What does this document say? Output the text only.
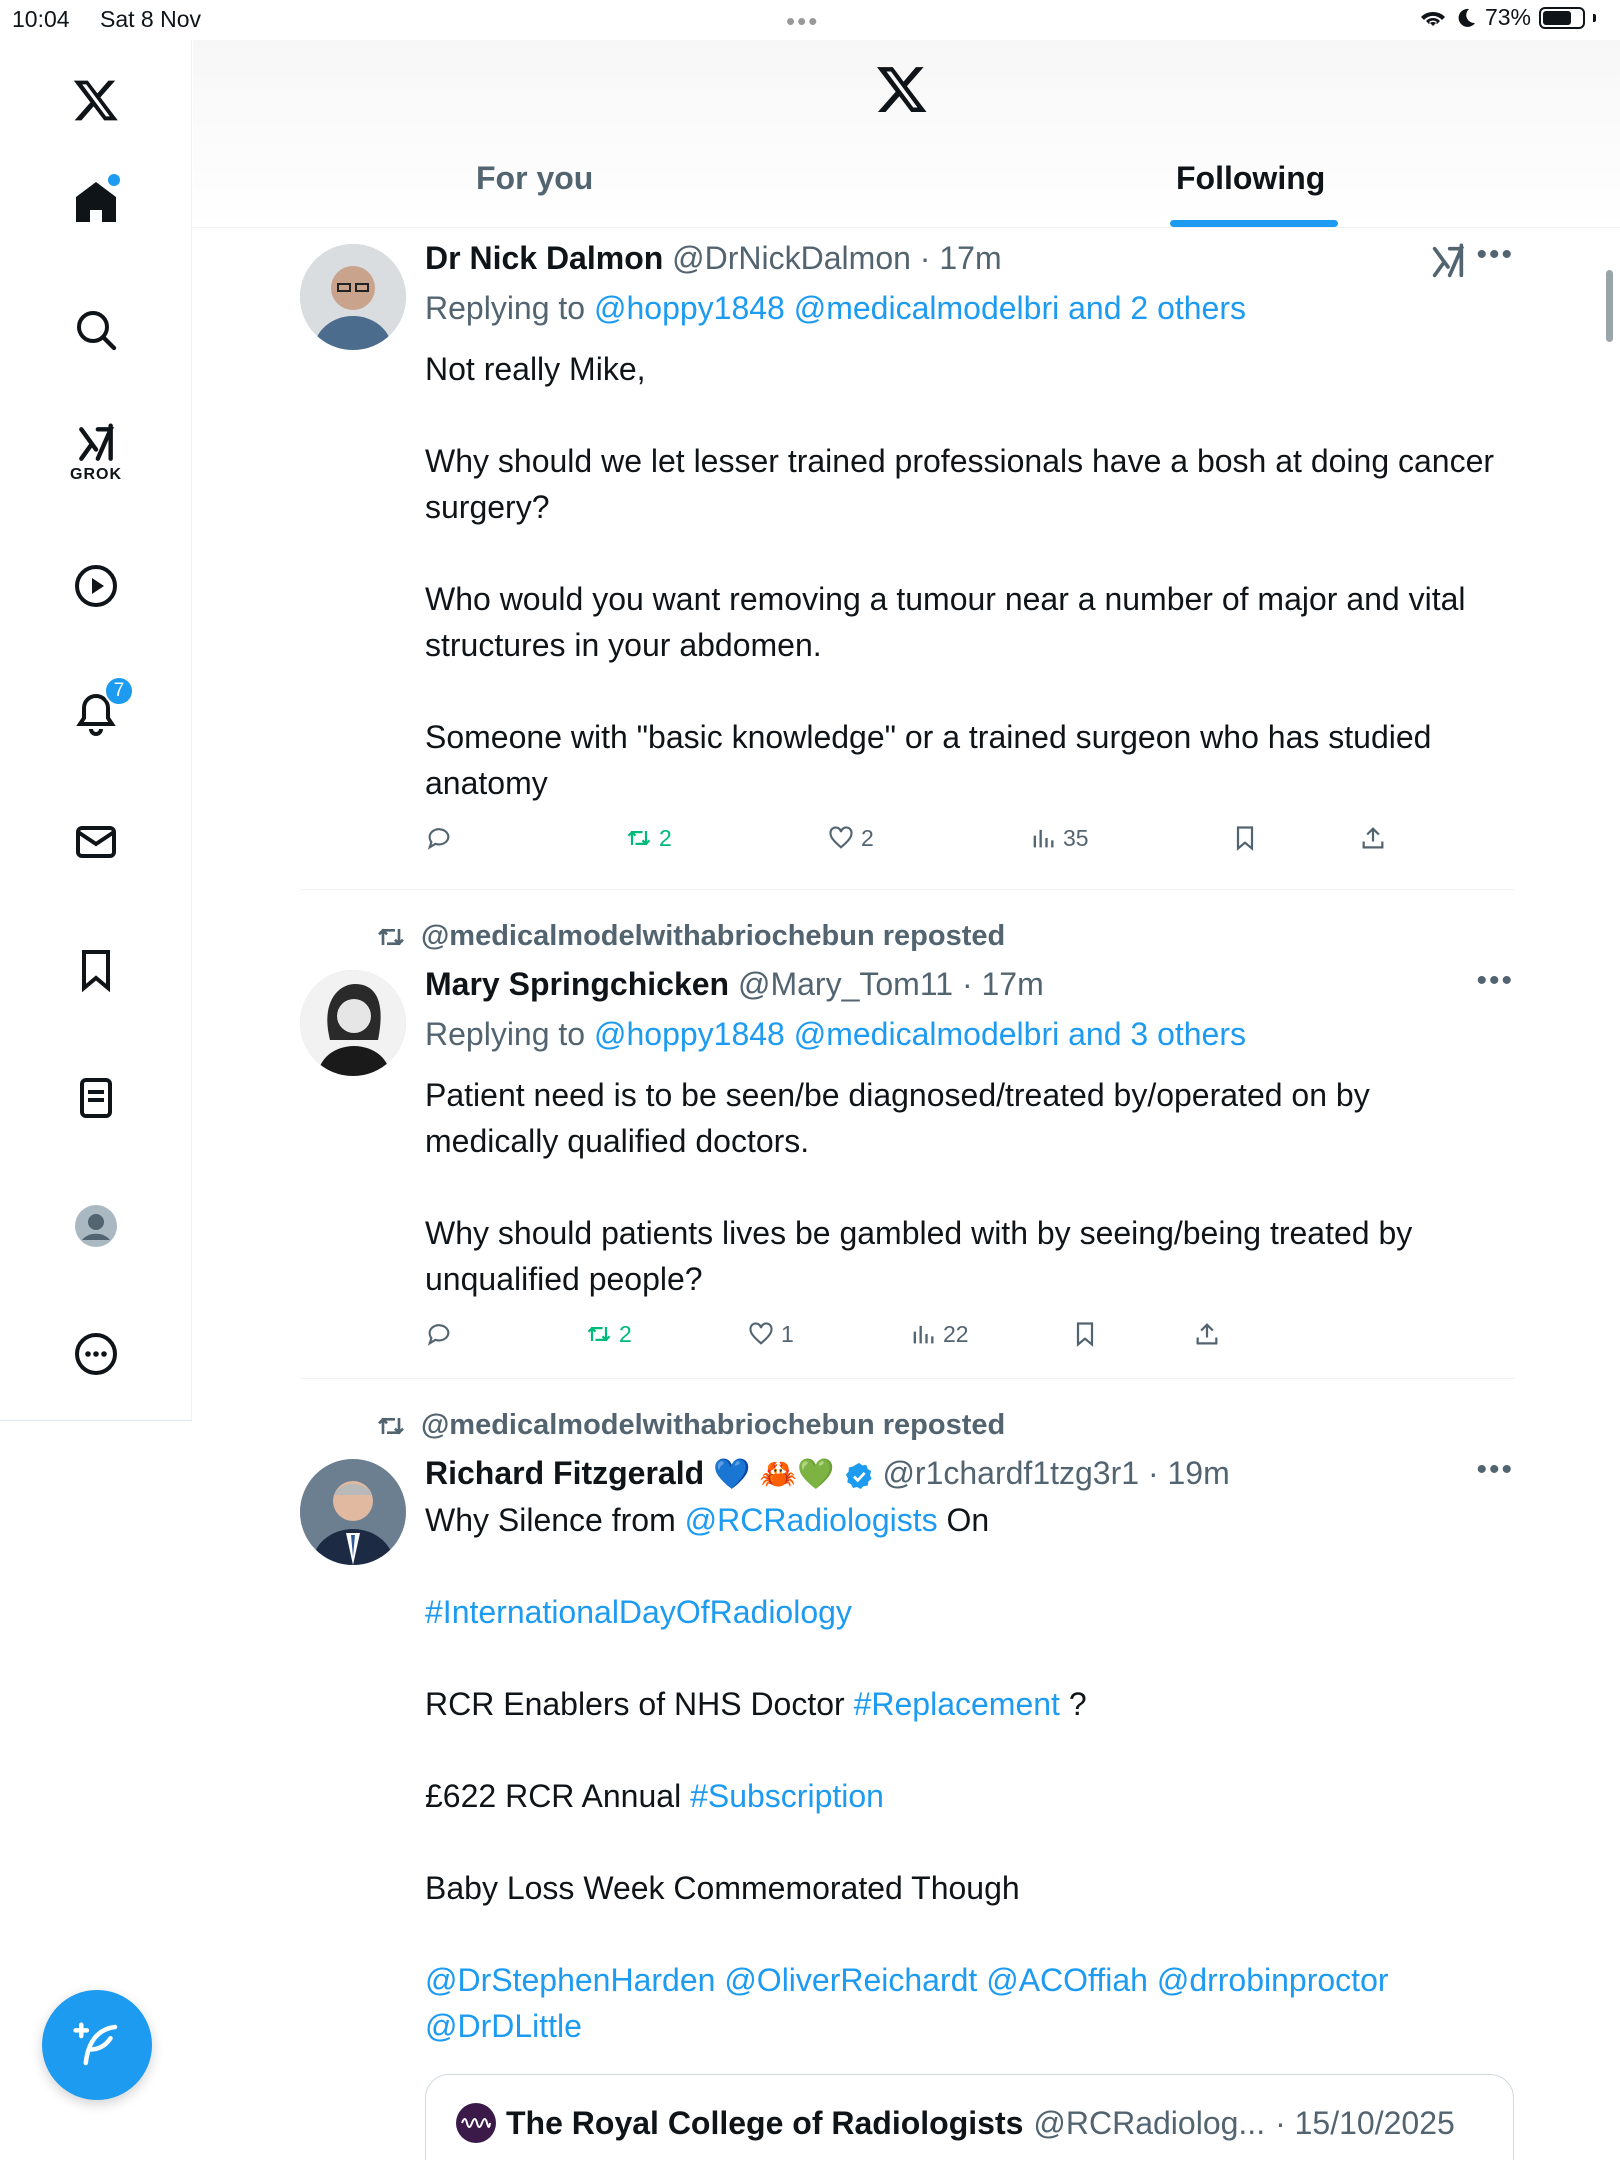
10:04 Sat 8 Nov	•••	73%
GROK
7
For you	Following
Dr Nick Dalmon @DrNickDalmon · 17m	•••
Replying to @hoppy1848 @medicalmodelbri and 2 others

Not really Mike,

Why should we let lesser trained professionals have a bosh at doing cancer surgery?

Who would you want removing a tumour near a number of major and vital structures in your abdomen.

Someone with "basic knowledge" or a trained surgeon who has studied anatomy

2	2	35
@medicalmodelwithabriochebun reposted
Mary Springchicken @Mary_Tom11 · 17m	•••
Replying to @hoppy1848 @medicalmodelbri and 3 others

Patient need is to be seen/be diagnosed/treated by/operated on by medically qualified doctors.

Why should patients lives be gambled with by seeing/being treated by unqualified people?

2	1	22
@medicalmodelwithabriochebun reposted
Richard Fitzgerald 💙 🦀💚 @r1chardf1tzg3r1 · 19m	•••

Why Silence from @RCRadiologists On

#InternationalDayOfRadiology

RCR Enablers of NHS Doctor #Replacement ?

£622 RCR Annual #Subscription

Baby Loss Week Commemorated Though

@DrStephenHarden @OliverReichardt @ACOffiah @drrobinproctor

@DrDLittle

The Royal College of Radiologists @RCRadiolog... · 15/10/2025
